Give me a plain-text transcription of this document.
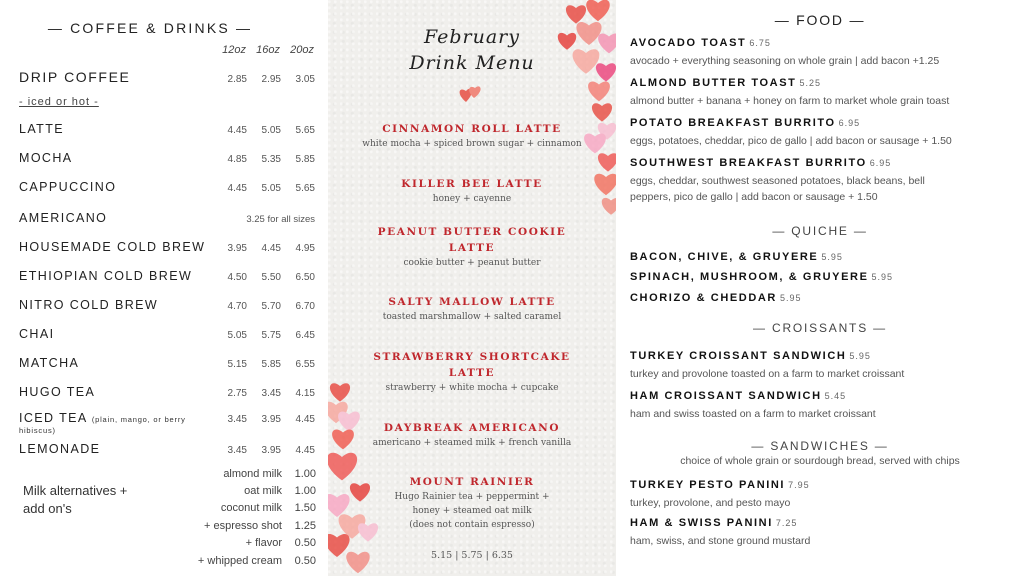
— COFFEE & DRINKS —
12oz 16oz 20oz
DRIP COFFEE	2.85	2.95	3.05
- iced or hot -
LATTE	4.45	5.05	5.65
MOCHA	4.85	5.35	5.85
CAPPUCCINO	4.45	5.05	5.65
AMERICANO	3.25 for all sizes
HOUSEMADE COLD BREW	3.95	4.45	4.95
ETHIOPIAN COLD BREW	4.50	5.50	6.50
NITRO COLD BREW	4.70	5.70	6.70
CHAI	5.05	5.75	6.45
MATCHA	5.15	5.85	6.55
HUGO TEA	2.75	3.45	4.15
ICED TEA (plain, mango, or berry	3.45	3.95	4.45
hibiscus)
LEMONADE	3.45	3.95	4.45
Milk alternatives +
add on's
almond milk	1.00
oat milk	1.00
coconut milk	1.50
+ espresso shot	1.25
+ flavor	0.50
+ whipped cream	0.50
February
Drink Menu
CINNAMON ROLL LATTE
white mocha + spiced brown sugar + cinnamon
KILLER BEE LATTE
honey + cayenne
PEANUT BUTTER COOKIE
LATTE
cookie butter + peanut butter
SALTY MALLOW LATTE
toasted marshmallow + salted caramel
STRAWBERRY SHORTCAKE
LATTE
strawberry + white mocha + cupcake
DAYBREAK AMERICANO
americano + steamed milk + french vanilla
MOUNT RAINIER
Hugo Rainier tea + peppermint +
honey + steamed oat milk
(does not contain espresso)
5.15 | 5.75 | 6.35
— FOOD —
AVOCADO TOAST 6.75
avocado + everything seasoning on whole grain | add bacon +1.25
ALMOND BUTTER TOAST 5.25
almond butter + banana + honey on farm to market whole grain toast
POTATO BREAKFAST BURRITO 6.95
eggs, potatoes, cheddar, pico de gallo | add bacon or sausage + 1.50
SOUTHWEST BREAKFAST BURRITO 6.95
eggs, cheddar, southwest seasoned potatoes, black beans, bell
peppers, pico de gallo | add bacon or sausage + 1.50
— QUICHE —
BACON, CHIVE, & GRUYERE 5.95
SPINACH, MUSHROOM, & GRUYERE 5.95
CHORIZO & CHEDDAR 5.95
— CROISSANTS —
TURKEY CROISSANT SANDWICH 5.95
turkey and provolone toasted on a farm to market croissant
HAM CROISSANT SANDWICH 5.45
ham and swiss toasted on a farm to market croissant
— SANDWICHES —
choice of whole grain or sourdough bread, served with chips
TURKEY PESTO PANINI 7.95
turkey, provolone, and pesto mayo
HAM & SWISS PANINI 7.25
ham, swiss, and stone ground mustard
